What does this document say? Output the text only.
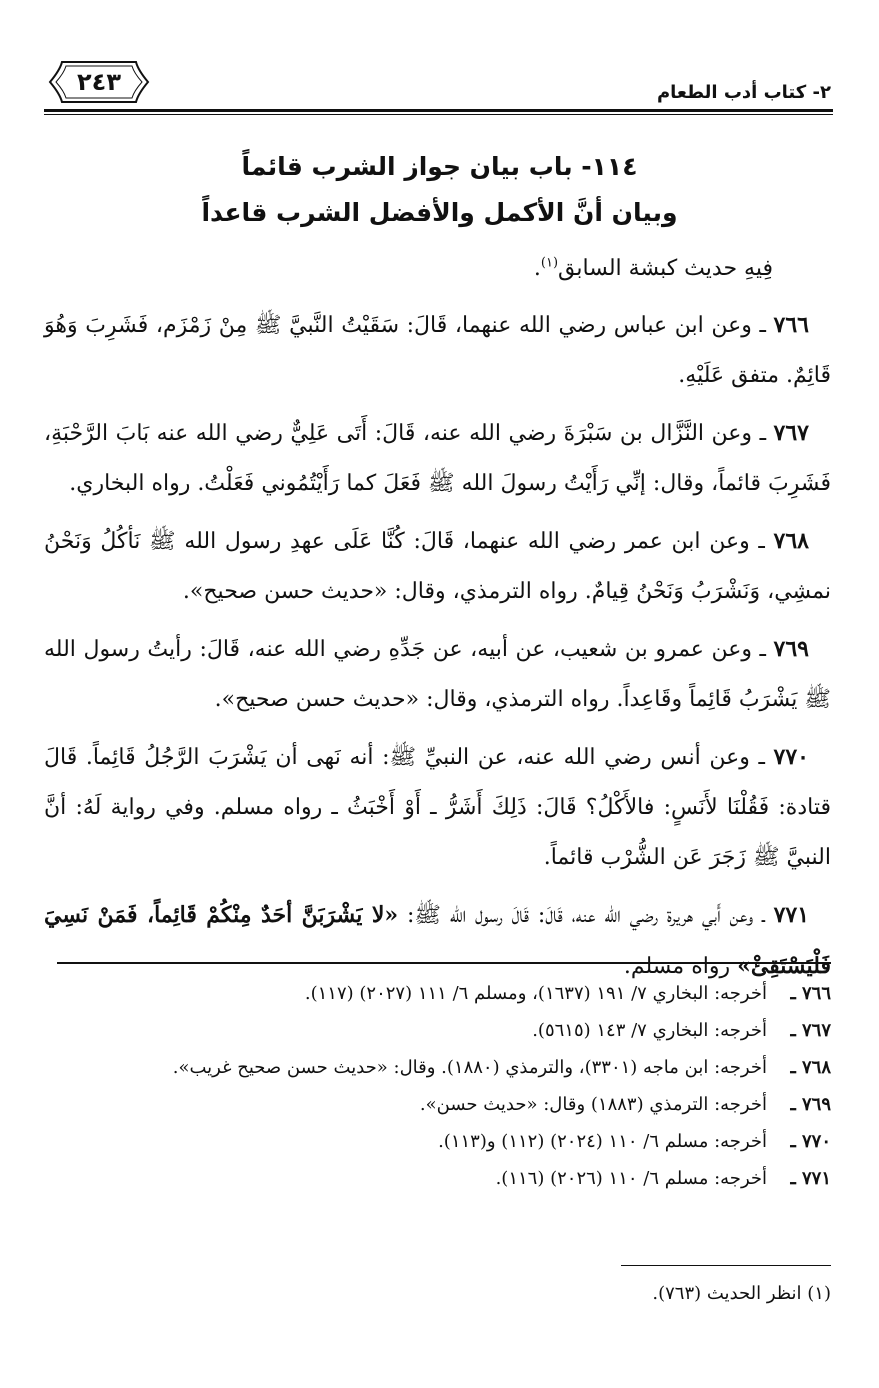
٢- كتاب أدب الطعام
٢٤٣
١١٤- باب بيان جواز الشرب قائماً
وبيان أنَّ الأكمل والأفضل الشرب قاعداً

فِيهِ حديث كبشة السابق$^{(١)}$.

٧٦٦ ـ وعن ابن عباس رضي الله عنهما، قَالَ: سَقَيْتُ النَّبيَّ ﷺ مِنْ زَمْزَم، فَشَرِبَ وَهُوَ قَائِمٌ. متفق عَلَيْهِ.

٧٦٧ ـ وعن النَّزَّال بن سَبْرَةَ رضي الله عنه، قَالَ: أَتَى عَلِيٌّ رضي الله عنه بَابَ الرَّحْبَةِ، فَشَرِبَ قائماً، وقال: إنِّي رَأَيْتُ رسولَ الله ﷺ فَعَلَ كما رَأَيْتُمُوني فَعَلْتُ. رواه البخاري.

٧٦٨ ـ وعن ابن عمر رضي الله عنهما، قَالَ: كُنَّا عَلَى عهدِ رسول الله ﷺ نَأكُلُ وَنَحْنُ نمشِي، وَنَشْرَبُ وَنَحْنُ قِيامٌ. رواه الترمذي، وقال: «حديث حسن صحيح».

٧٦٩ ـ وعن عمرو بن شعيب، عن أبيه، عن جَدِّهِ رضي الله عنه، قَالَ: رأيتُ رسول الله ﷺ يَشْرَبُ قَائِماً وقَاعِداً. رواه الترمذي، وقال: «حديث حسن صحيح».

٧٧٠ ـ وعن أنس رضي الله عنه، عن النبيِّ ﷺ: أنه نَهى أن يَشْرَبَ الرَّجُلُ قَائِماً. قَالَ قتادة: فَقُلْنَا لأَنَسٍ: فالأَكْلُ؟ قَالَ: ذَلِكَ أَشَرُّ ـ أَوْ أَخْبَثُ ـ رواه مسلم. وفي رواية لَهُ: أنَّ النبيَّ ﷺ زَجَرَ عَن الشُّرْب قائماً.

٧٧١ ـ وعن أَبي هريرة رضي الله عنه، قَالَ: قَالَ رسول الله ﷺ: «لا يَشْرَبَنَّ أحَدٌ مِنْكُمْ قَائِماً، فَمَنْ نَسِيَ فَلْيَسْتَقِئْ» رواه مسلم.

٧٦٦ ـ
أخرجه: البخاري ٧/ ١٩١ (١٦٣٧)، ومسلم ٦/ ١١١ (٢٠٢٧) (١١٧).
٧٦٧ ـ
أخرجه: البخاري ٧/ ١٤٣ (٥٦١٥).
٧٦٨ ـ
أخرجه: ابن ماجه (٣٣٠١)، والترمذي (١٨٨٠). وقال: «حديث حسن صحيح غريب».
٧٦٩ ـ
أخرجه: الترمذي (١٨٨٣) وقال: «حديث حسن».
٧٧٠ ـ
أخرجه: مسلم ٦/ ١١٠ (٢٠٢٤) (١١٢) و(١١٣).
٧٧١ ـ
أخرجه: مسلم ٦/ ١١٠ (٢٠٢٦) (١١٦).
(١) انظر الحديث (٧٦٣).
